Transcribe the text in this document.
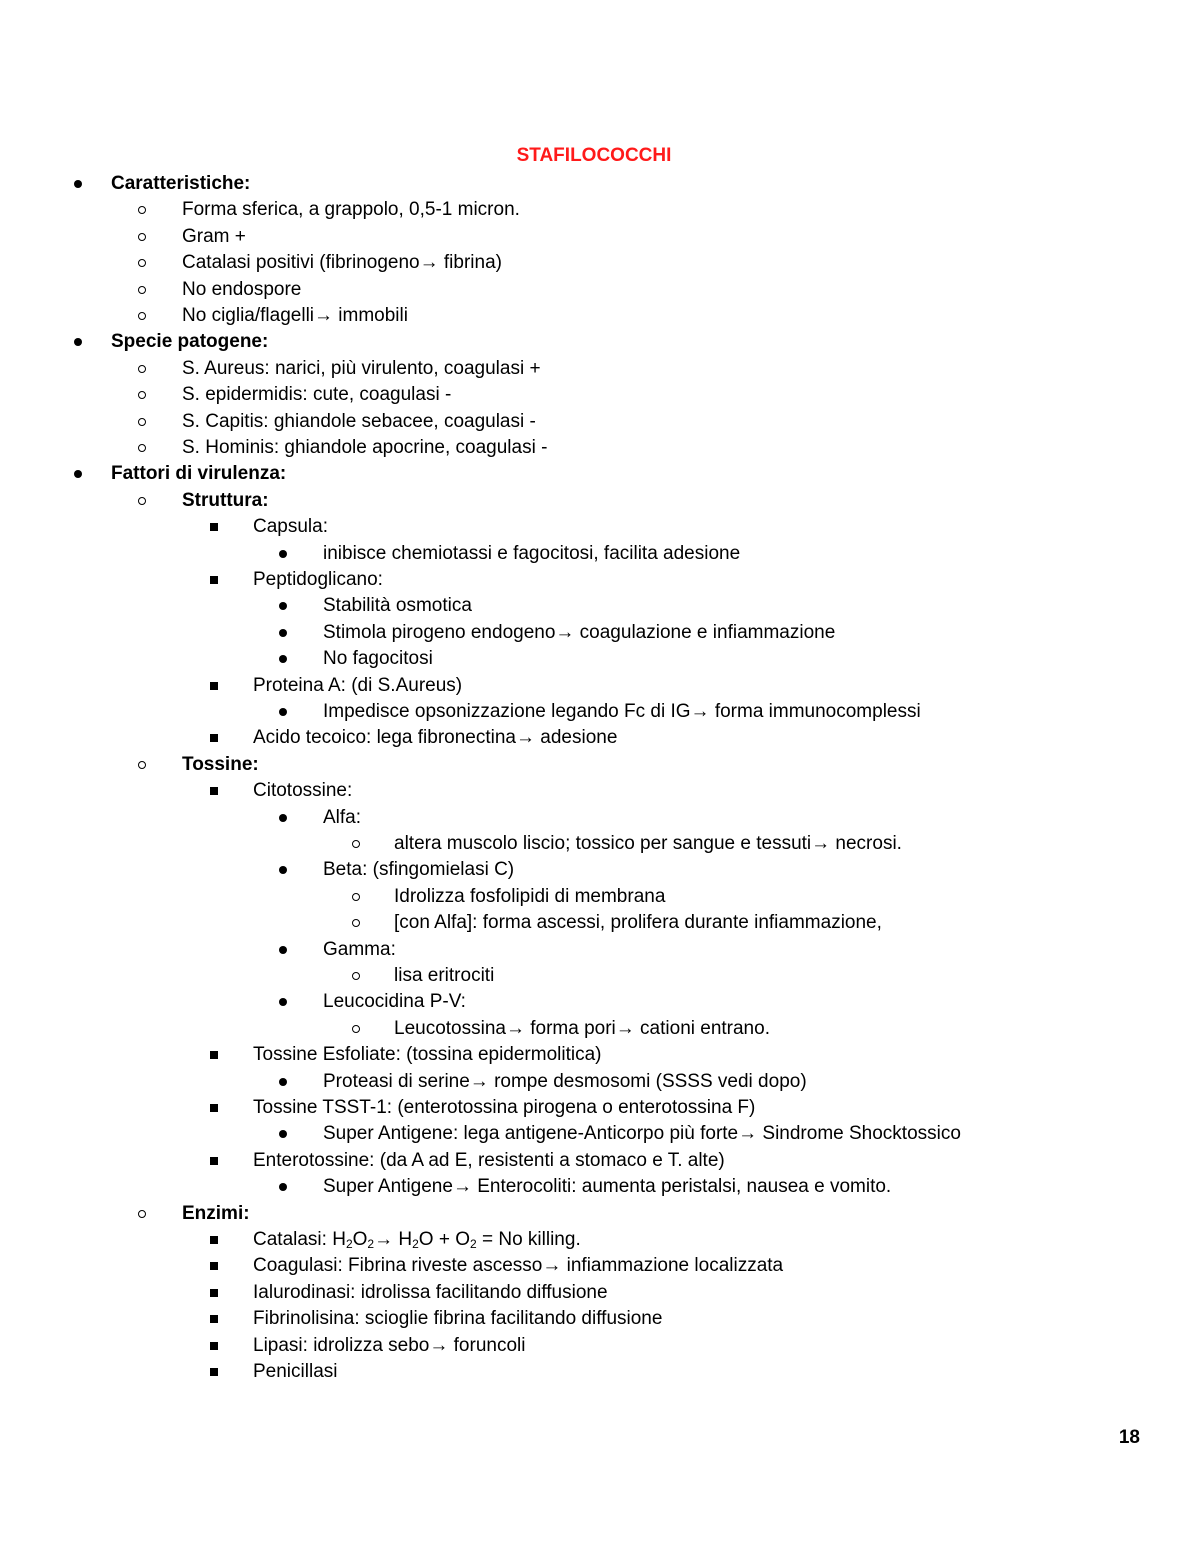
STAFILOCOCCHI
Caratteristiche:
Forma sferica, a grappolo, 0,5-1 micron.
Gram +
Catalasi positivi (fibrinogeno→ fibrina)
No endospore
No ciglia/flagelli→ immobili
Specie patogene:
S. Aureus: narici, più virulento, coagulasi +
S. epidermidis: cute, coagulasi -
S. Capitis: ghiandole sebacee, coagulasi -
S. Hominis: ghiandole apocrine, coagulasi -
Fattori di virulenza:
Struttura:
Capsula:
inibisce chemiotassi e fagocitosi, facilita adesione
Peptidoglicano:
Stabilità osmotica
Stimola pirogeno endogeno→ coagulazione e infiammazione
No fagocitosi
Proteina A: (di S.Aureus)
Impedisce opsonizzazione legando Fc di IG→ forma immunocomplessi
Acido tecoico: lega fibronectina→ adesione
Tossine:
Citotossine:
Alfa:
altera muscolo liscio; tossico per sangue e tessuti→ necrosi.
Beta: (sfingomielasi C)
Idrolizza fosfolipidi di membrana
[con Alfa]: forma ascessi, prolifera durante infiammazione,
Gamma:
lisa eritrociti
Leucocidina P-V:
Leucotossina→ forma pori→ cationi entrano.
Tossine Esfoliate: (tossina epidermolitica)
Proteasi di serine→ rompe desmosomi (SSSS vedi dopo)
Tossine TSST-1: (enterotossina pirogena o enterotossina F)
Super Antigene: lega antigene-Anticorpo più forte→ Sindrome Shocktossico
Enterotossine: (da A ad E, resistenti a stomaco e T. alte)
Super Antigene→ Enterocoliti: aumenta peristalsi, nausea e vomito.
Enzimi:
Catalasi: $H_2O_2\to H_2O + O_2 = No$ killing.
Coagulasi: Fibrina riveste ascesso→ infiammazione localizzata
Ialurodinasi: idrolissa facilitando diffusione
Fibrinolisina: scioglie fibrina facilitando diffusione
Lipasi: idrolizza sebo→ foruncoli
Penicillasi
18
